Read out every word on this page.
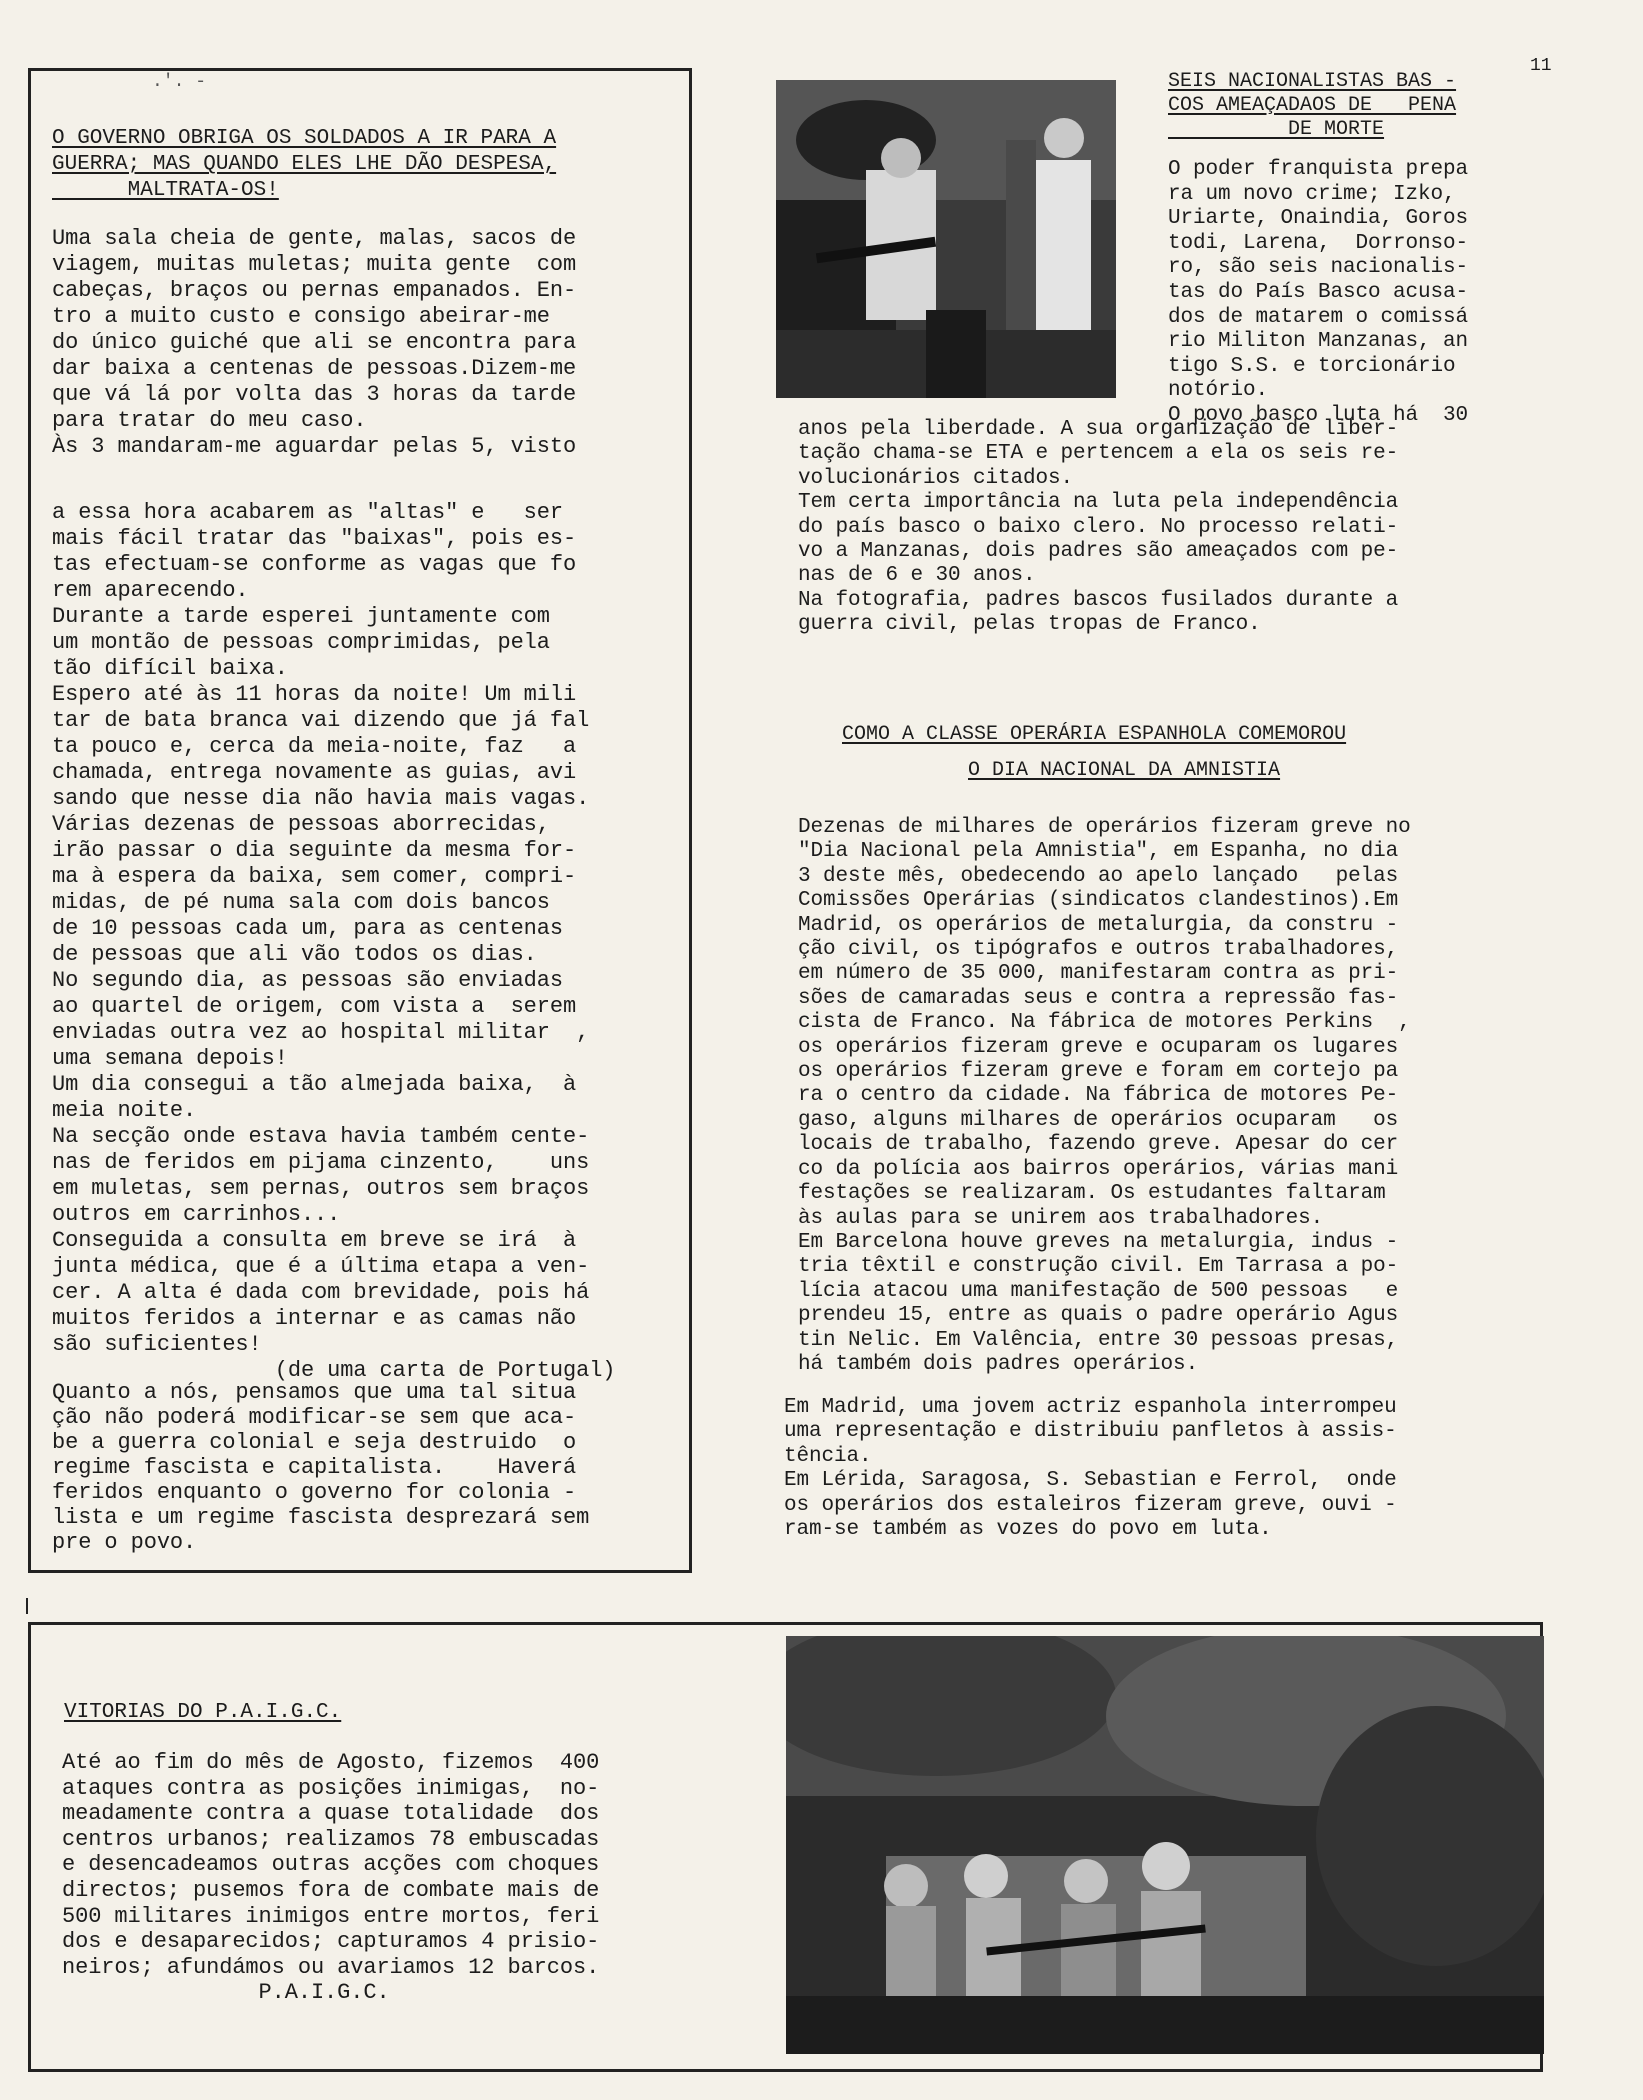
11
.'. -
O GOVERNO OBRIGA OS SOLDADOS A IR PARA A
GUERRA; MAS QUANDO ELES LHE DÃO DESPESA,
MALTRATA-OS!
Uma sala cheia de gente, malas, sacos de
viagem, muitas muletas; muita gente  com
cabeças, braços ou pernas empanados. En-
tro a muito custo e consigo abeirar-me
do único guiché que ali se encontra para
dar baixa a centenas de pessoas.Dizem-me
que vá lá por volta das 3 horas da tarde
para tratar do meu caso.
Às 3 mandaram-me aguardar pelas 5, visto
a essa hora acabarem as "altas" e   ser
mais fácil tratar das "baixas", pois es-
tas efectuam-se conforme as vagas que fo
rem aparecendo.
Durante a tarde esperei juntamente com
um montão de pessoas comprimidas, pela
tão difícil baixa.
Espero até às 11 horas da noite! Um mili
tar de bata branca vai dizendo que já fal
ta pouco e, cerca da meia-noite, faz   a
chamada, entrega novamente as guias, avi
sando que nesse dia não havia mais vagas.
Várias dezenas de pessoas aborrecidas,
irão passar o dia seguinte da mesma for-
ma à espera da baixa, sem comer, compri-
midas, de pé numa sala com dois bancos
de 10 pessoas cada um, para as centenas
de pessoas que ali vão todos os dias.
No segundo dia, as pessoas são enviadas
ao quartel de origem, com vista a  serem
enviadas outra vez ao hospital militar  ,
uma semana depois!
Um dia consegui a tão almejada baixa,  à
meia noite.
Na secção onde estava havia também cente-
nas de feridos em pijama cinzento,    uns
em muletas, sem pernas, outros sem braços
outros em carrinhos...
Conseguida a consulta em breve se irá  à
junta médica, que é a última etapa a ven-
cer. A alta é dada com brevidade, pois há
muitos feridos a internar e as camas não
são suficientes!
(de uma carta de Portugal)
Quanto a nós, pensamos que uma tal situa
ção não poderá modificar-se sem que aca-
be a guerra colonial e seja destruido  o
regime fascista e capitalista.    Haverá
feridos enquanto o governo for colonia -
lista e um regime fascista desprezará sem
pre o povo.
SEIS NACIONALISTAS BAS -
COS AMEAÇADAOS DE   PENA
DE MORTE
O poder franquista prepa
ra um novo crime; Izko,
Uriarte, Onaindia, Goros
todi, Larena,  Dorronso-
ro, são seis nacionalis-
tas do País Basco acusa-
dos de matarem o comissá
rio Militon Manzanas, an
tigo S.S. e torcionário
notório.
O povo basco luta há  30
anos pela liberdade. A sua organização de liber-
tação chama-se ETA e pertencem a ela os seis re-
volucionários citados.
Tem certa importância na luta pela independência
do país basco o baixo clero. No processo relati-
vo a Manzanas, dois padres são ameaçados com pe-
nas de 6 e 30 anos.
Na fotografia, padres bascos fusilados durante a
guerra civil, pelas tropas de Franco.
COMO A CLASSE OPERÁRIA ESPANHOLA COMEMOROU
O DIA NACIONAL DA AMNISTIA
Dezenas de milhares de operários fizeram greve no
"Dia Nacional pela Amnistia", em Espanha, no dia
3 deste mês, obedecendo ao apelo lançado   pelas
Comissões Operárias (sindicatos clandestinos).Em
Madrid, os operários de metalurgia, da constru -
ção civil, os tipógrafos e outros trabalhadores,
em número de 35 000, manifestaram contra as pri-
sões de camaradas seus e contra a repressão fas-
cista de Franco. Na fábrica de motores Perkins  ,
os operários fizeram greve e ocuparam os lugares
os operários fizeram greve e foram em cortejo pa
ra o centro da cidade. Na fábrica de motores Pe-
gaso, alguns milhares de operários ocuparam   os
locais de trabalho, fazendo greve. Apesar do cer
co da polícia aos bairros operários, várias mani
festações se realizaram. Os estudantes faltaram
às aulas para se unirem aos trabalhadores.
Em Barcelona houve greves na metalurgia, indus -
tria têxtil e construção civil. Em Tarrasa a po-
lícia atacou uma manifestação de 500 pessoas   e
prendeu 15, entre as quais o padre operário Agus
tin Nelic. Em Valência, entre 30 pessoas presas,
há também dois padres operários.
Em Madrid, uma jovem actriz espanhola interrompeu
uma representação e distribuiu panfletos à assis-
tência.
Em Lérida, Saragosa, S. Sebastian e Ferrol,  onde
os operários dos estaleiros fizeram greve, ouvi -
ram-se também as vozes do povo em luta.
VITORIAS DO P.A.I.G.C.
Até ao fim do mês de Agosto, fizemos  400
ataques contra as posições inimigas,  no-
meadamente contra a quase totalidade  dos
centros urbanos; realizamos 78 embuscadas
e desencadeamos outras acções com choques
directos; pusemos fora de combate mais de
500 militares inimigos entre mortos, feri
dos e desaparecidos; capturamos 4 prisio-
neiros; afundámos ou avariamos 12 barcos.
P.A.I.G.C.
